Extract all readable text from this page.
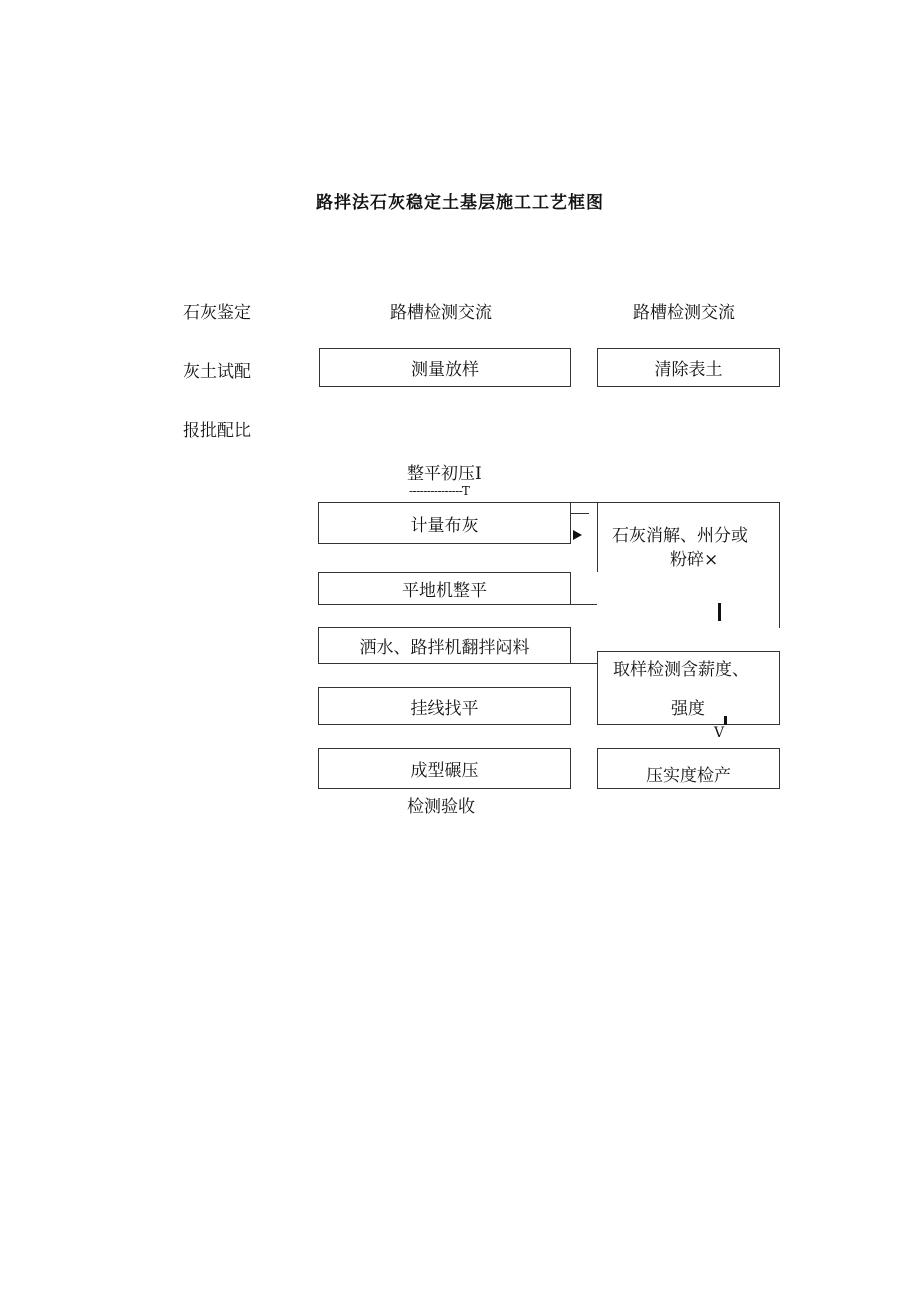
路拌法石灰稳定土基层施工工艺框图
石灰鉴定
灰土试配
报批配比
路槽检测交流	路槽检测交流
测量放样	清除表土
整平初压I
---------------T
计量布灰
石灰消解、州分或
粉碎×
平地机整平
洒水、路拌机翻拌闷料
取样检测含薪度、
强度
挂线找平
V
成型碾压	压实度检产
检测验收
